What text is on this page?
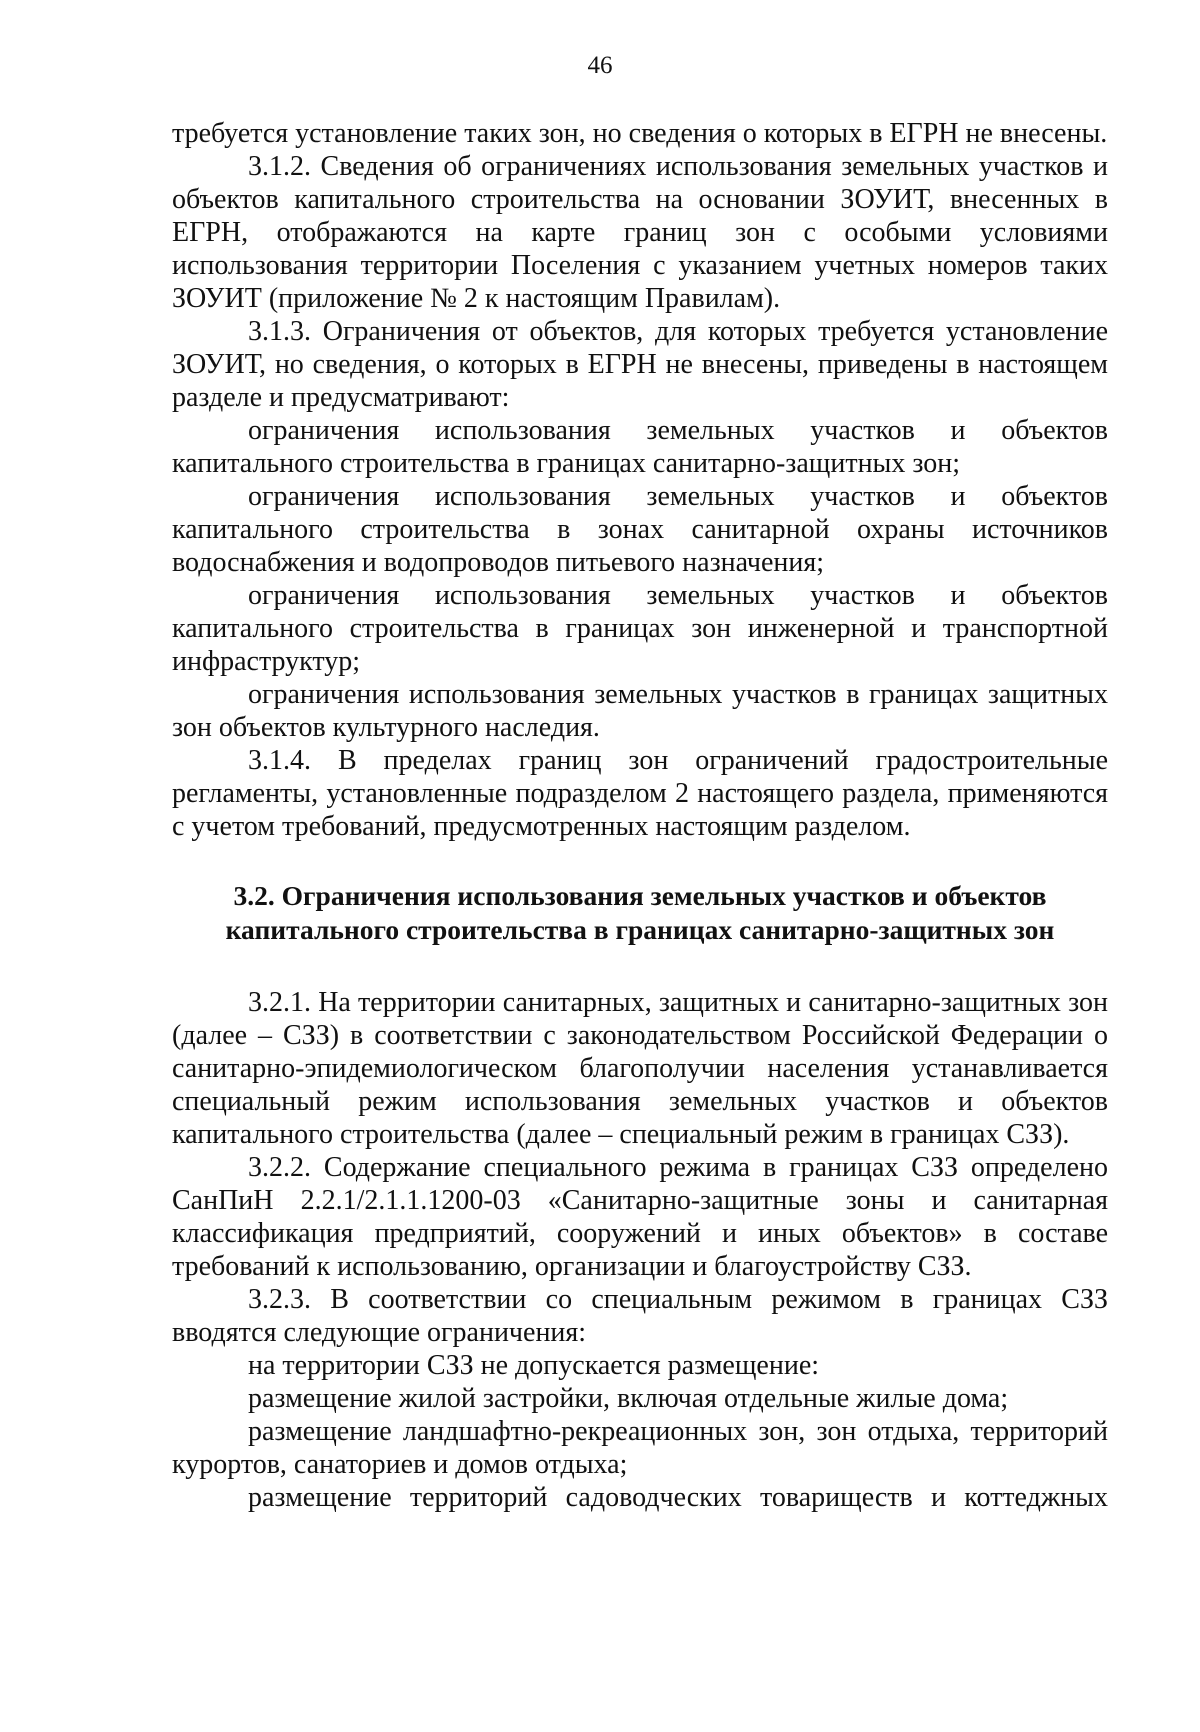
46

требуется установление таких зон, но сведения о которых в ЕГРН не внесены.

3.1.2. Сведения об ограничениях использования земельных участков и объектов капитального строительства на основании ЗОУИТ, внесенных в ЕГРН, отображаются на карте границ зон с особыми условиями использования территории Поселения с указанием учетных номеров таких ЗОУИТ (приложение № 2 к настоящим Правилам).

3.1.3. Ограничения от объектов, для которых требуется установление ЗОУИТ, но сведения, о которых в ЕГРН не внесены, приведены в настоящем разделе и предусматривают:

ограничения использования земельных участков и объектов капитального строительства в границах санитарно-защитных зон;

ограничения использования земельных участков и объектов капитального строительства в зонах санитарной охраны источников водоснабжения и водопроводов питьевого назначения;

ограничения использования земельных участков и объектов капитального строительства в границах зон инженерной и транспортной инфраструктур;

ограничения использования земельных участков в границах защитных зон объектов культурного наследия.

3.1.4. В пределах границ зон ограничений градостроительные регламенты, установленные подразделом 2 настоящего раздела, применяются с учетом требований, предусмотренных настоящим разделом.

3.2. Ограничения использования земельных участков и объектов
капитального строительства в границах санитарно-защитных зон

3.2.1. На территории санитарных, защитных и санитарно-защитных зон (далее – СЗЗ) в соответствии с законодательством Российской Федерации о санитарно-эпидемиологическом благополучии населения устанавливается специальный режим использования земельных участков и объектов капитального строительства (далее – специальный режим в границах СЗЗ).

3.2.2. Содержание специального режима в границах СЗЗ определено СанПиН 2.2.1/2.1.1.1200-03 «Санитарно-защитные зоны и санитарная классификация предприятий, сооружений и иных объектов» в составе требований к использованию, организации и благоустройству СЗЗ.

3.2.3. В соответствии со специальным режимом в границах СЗЗ вводятся следующие ограничения:

на территории СЗЗ не допускается размещение:

размещение жилой застройки, включая отдельные жилые дома;

размещение ландшафтно-рекреационных зон, зон отдыха, территорий курортов, санаториев и домов отдыха;

размещение территорий садоводческих товариществ и коттеджных
